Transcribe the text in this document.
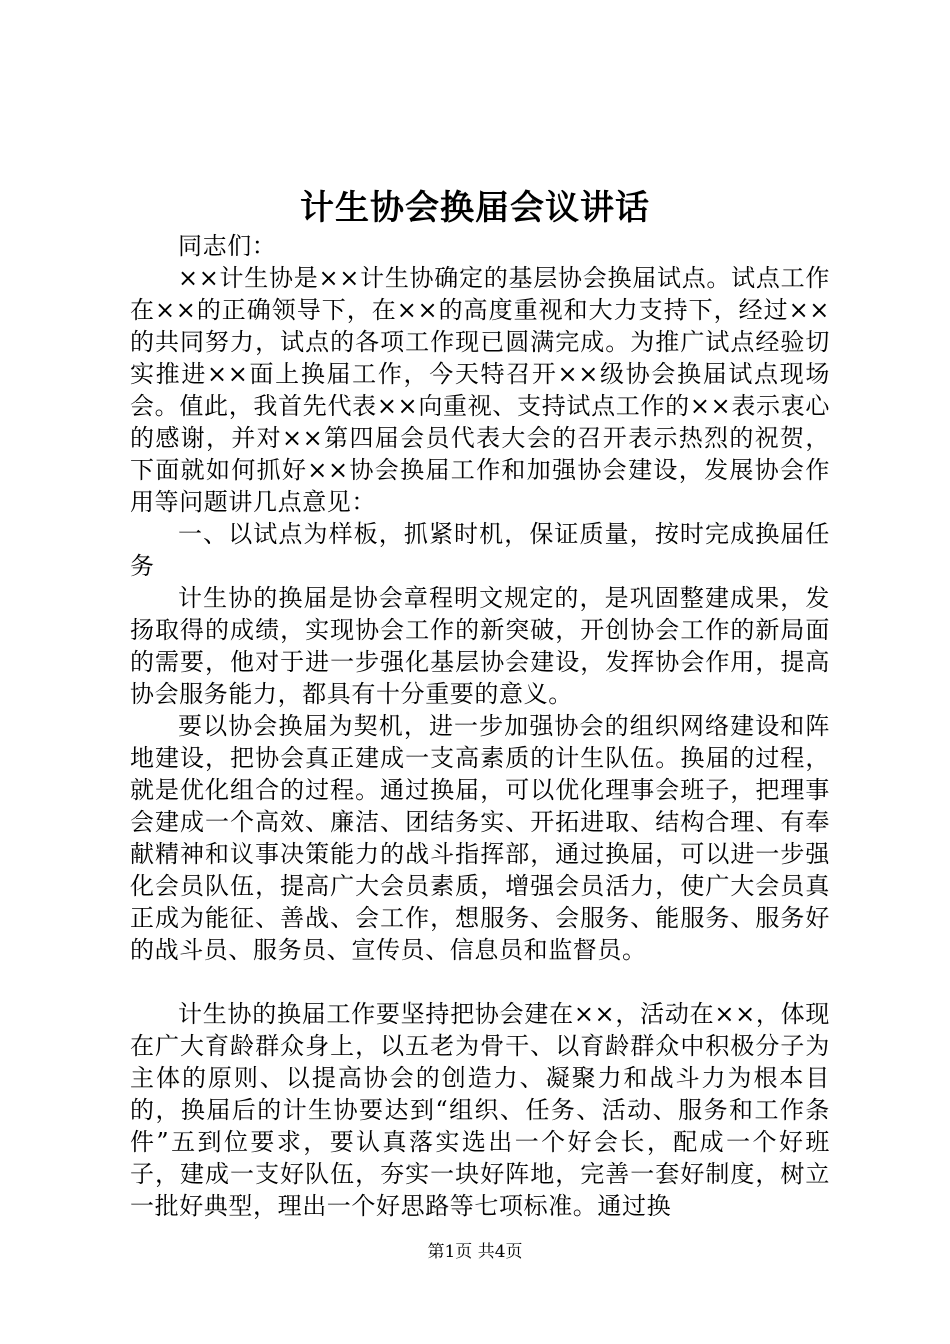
计生协会换届会议讲话

同志们：

××计生协是××计生协确定的基层协会换届试点。试点工作在××的正确领导下，在××的高度重视和大力支持下，经过××的共同努力，试点的各项工作现已圆满完成。为推广试点经验切实推进××面上换届工作，今天特召开××级协会换届试点现场会。值此，我首先代表××向重视、支持试点工作的××表示衷心的感谢，并对××第四届会员代表大会的召开表示热烈的祝贺，下面就如何抓好××协会换届工作和加强协会建设，发展协会作用等问题讲几点意见：

一、以试点为样板，抓紧时机，保证质量，按时完成换届任务

计生协的换届是协会章程明文规定的，是巩固整建成果，发扬取得的成绩，实现协会工作的新突破，开创协会工作的新局面的需要，他对于进一步强化基层协会建设，发挥协会作用，提高协会服务能力，都具有十分重要的意义。

要以协会换届为契机，进一步加强协会的组织网络建设和阵地建设，把协会真正建成一支高素质的计生队伍。换届的过程，就是优化组合的过程。通过换届，可以优化理事会班子，把理事会建成一个高效、廉洁、团结务实、开拓进取、结构合理、有奉献精神和议事决策能力的战斗指挥部，通过换届，可以进一步强化会员队伍，提高广大会员素质，增强会员活力，使广大会员真正成为能征、善战、会工作，想服务、会服务、能服务、服务好的战斗员、服务员、宣传员、信息员和监督员。

计生协的换届工作要坚持把协会建在××，活动在××，体现在广大育龄群众身上，以五老为骨干、以育龄群众中积极分子为主体的原则、以提高协会的创造力、凝聚力和战斗力为根本目的，换届后的计生协要达到“组织、任务、活动、服务和工作条件”五到位要求，要认真落实选出一个好会长，配成一个好班子，建成一支好队伍，夯实一块好阵地，完善一套好制度，树立一批好典型，理出一个好思路等七项标准。通过换

第1页 共4页
